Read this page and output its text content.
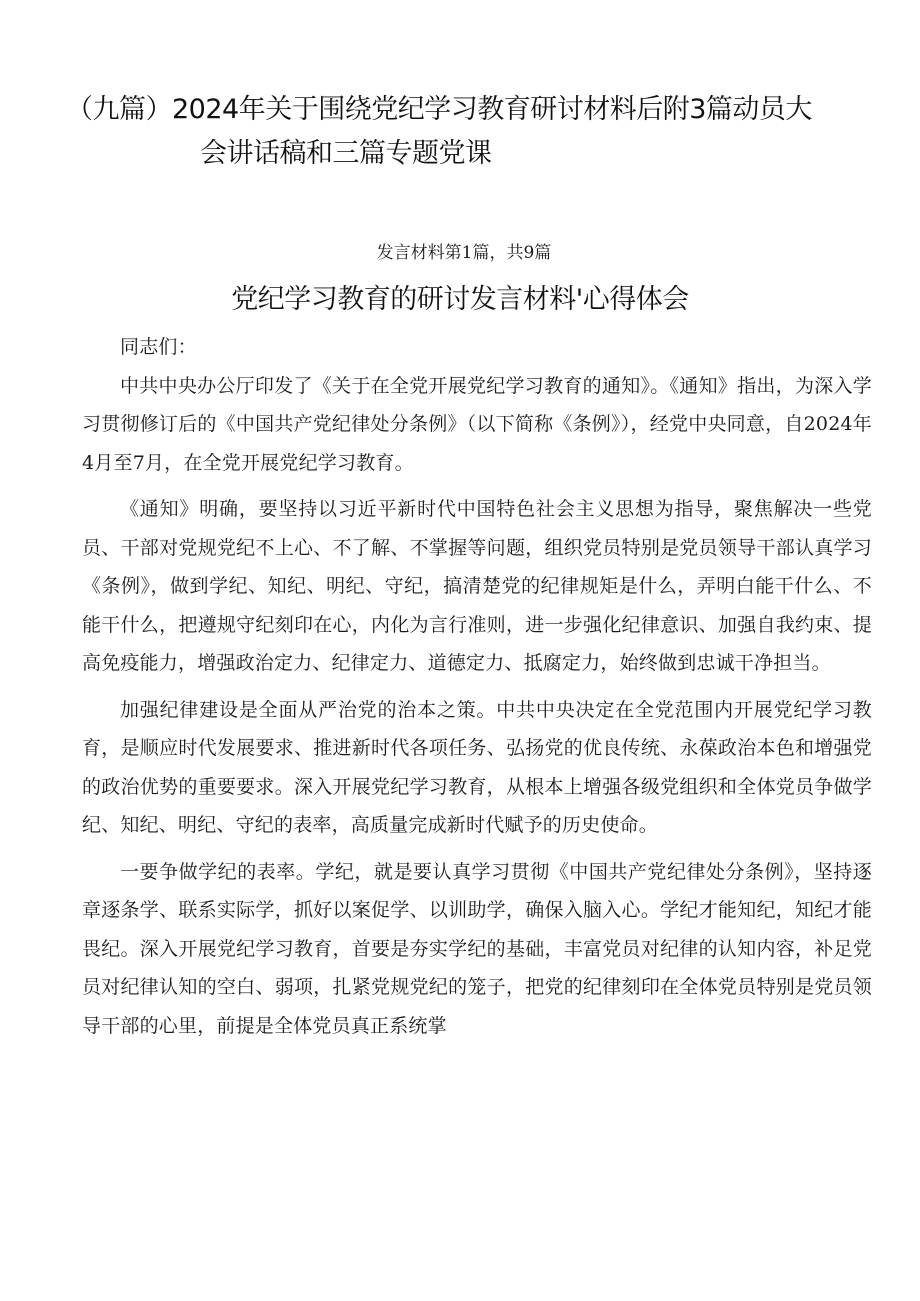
（九篇）2024年关于围绕党纪学习教育研讨材料后附3篇动员大
会讲话稿和三篇专题党课
发言材料第1篇，共9篇
党纪学习教育的研讨发言材料'心得体会

同志们：

中共中央办公厅印发了《关于在全党开展党纪学习教育的通知》。《通知》指出，为深入学习贯彻修订后的《中国共产党纪律处分条例》（以下简称《条例》），经党中央同意，自2024年4月至7月，在全党开展党纪学习教育。

《通知》明确，要坚持以习近平新时代中国特色社会主义思想为指导，聚焦解决一些党员、干部对党规党纪不上心、不了解、不掌握等问题，组织党员特别是党员领导干部认真学习《条例》，做到学纪、知纪、明纪、守纪，搞清楚党的纪律规矩是什么，弄明白能干什么、不能干什么，把遵规守纪刻印在心，内化为言行准则，进一步强化纪律意识、加强自我约束、提高免疫能力，增强政治定力、纪律定力、道德定力、抵腐定力，始终做到忠诚干净担当。

加强纪律建设是全面从严治党的治本之策。中共中央决定在全党范围内开展党纪学习教育，是顺应时代发展要求、推进新时代各项任务、弘扬党的优良传统、永葆政治本色和增强党的政治优势的重要要求。深入开展党纪学习教育，从根本上增强各级党组织和全体党员争做学纪、知纪、明纪、守纪的表率，高质量完成新时代赋予的历史使命。

一要争做学纪的表率。学纪，就是要认真学习贯彻《中国共产党纪律处分条例》，坚持逐章逐条学、联系实际学，抓好以案促学、以训助学，确保入脑入心。学纪才能知纪，知纪才能畏纪。深入开展党纪学习教育，首要是夯实学纪的基础，丰富党员对纪律的认知内容，补足党员对纪律认知的空白、弱项，扎紧党规党纪的笼子，把党的纪律刻印在全体党员特别是党员领导干部的心里，前提是全体党员真正系统掌
